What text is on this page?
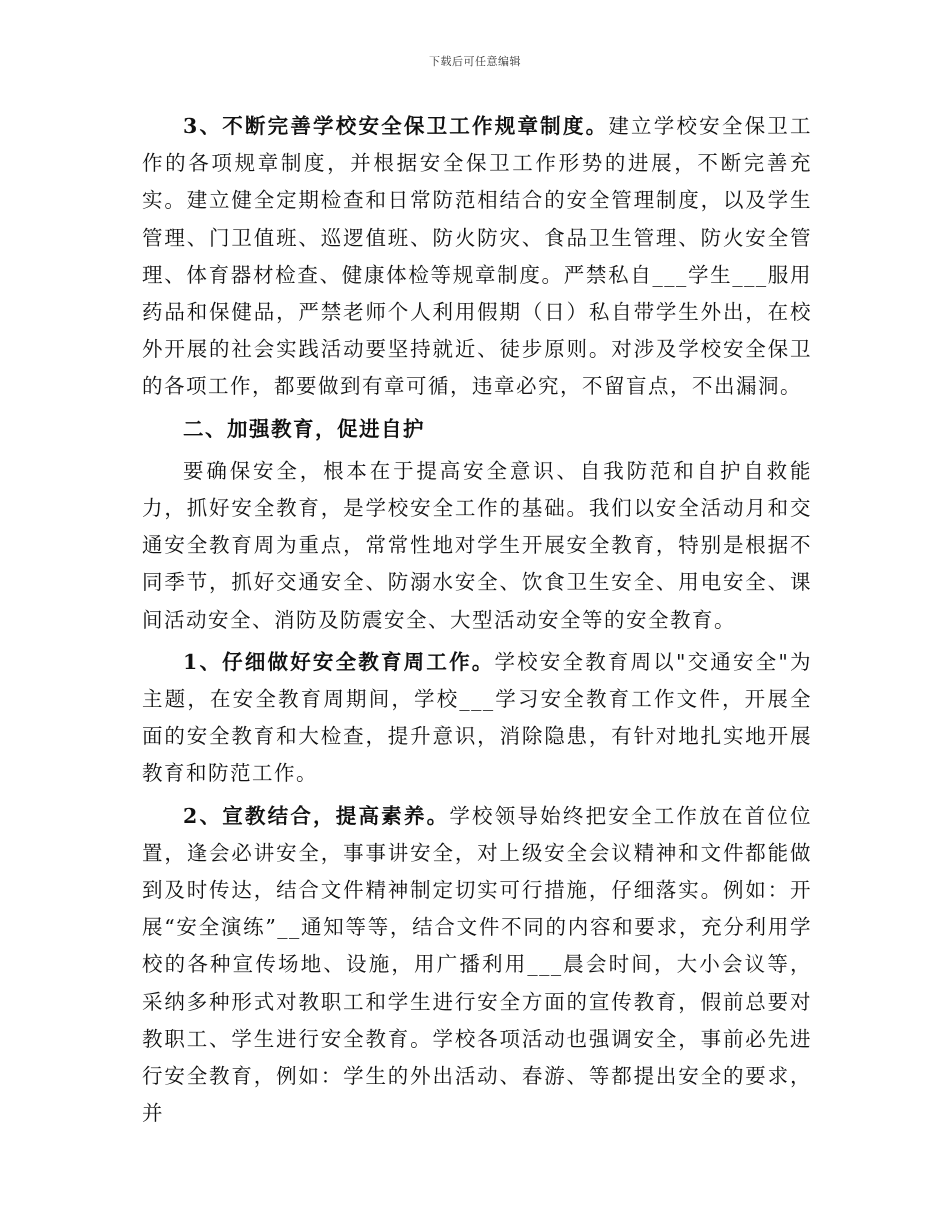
下载后可任意编辑

3、不断完善学校安全保卫工作规章制度。建立学校安全保卫工作的各项规章制度，并根据安全保卫工作形势的进展，不断完善充实。建立健全定期检查和日常防范相结合的安全管理制度，以及学生管理、门卫值班、巡逻值班、防火防灾、食品卫生管理、防火安全管理、体育器材检查、健康体检等规章制度。严禁私自___学生___服用药品和保健品，严禁老师个人利用假期（日）私自带学生外出，在校外开展的社会实践活动要坚持就近、徒步原则。对涉及学校安全保卫的各项工作，都要做到有章可循，违章必究，不留盲点，不出漏洞。

二、加强教育，促进自护

要确保安全，根本在于提高安全意识、自我防范和自护自救能力，抓好安全教育，是学校安全工作的基础。我们以安全活动月和交通安全教育周为重点，常常性地对学生开展安全教育，特别是根据不同季节，抓好交通安全、防溺水安全、饮食卫生安全、用电安全、课间活动安全、消防及防震安全、大型活动安全等的安全教育。

1、仔细做好安全教育周工作。学校安全教育周以"交通安全"为主题，在安全教育周期间，学校___学习安全教育工作文件，开展全面的安全教育和大检查，提升意识，消除隐患，有针对地扎实地开展教育和防范工作。

2、宣教结合，提高素养。学校领导始终把安全工作放在首位位置，逢会必讲安全，事事讲安全，对上级安全会议精神和文件都能做到及时传达，结合文件精神制定切实可行措施，仔细落实。例如：开展“安全演练”__通知等等，结合文件不同的内容和要求，充分利用学校的各种宣传场地、设施，用广播利用___晨会时间，大小会议等，采纳多种形式对教职工和学生进行安全方面的宣传教育，假前总要对教职工、学生进行安全教育。学校各项活动也强调安全，事前必先进行安全教育，例如：学生的外出活动、春游、等都提出安全的要求，并
